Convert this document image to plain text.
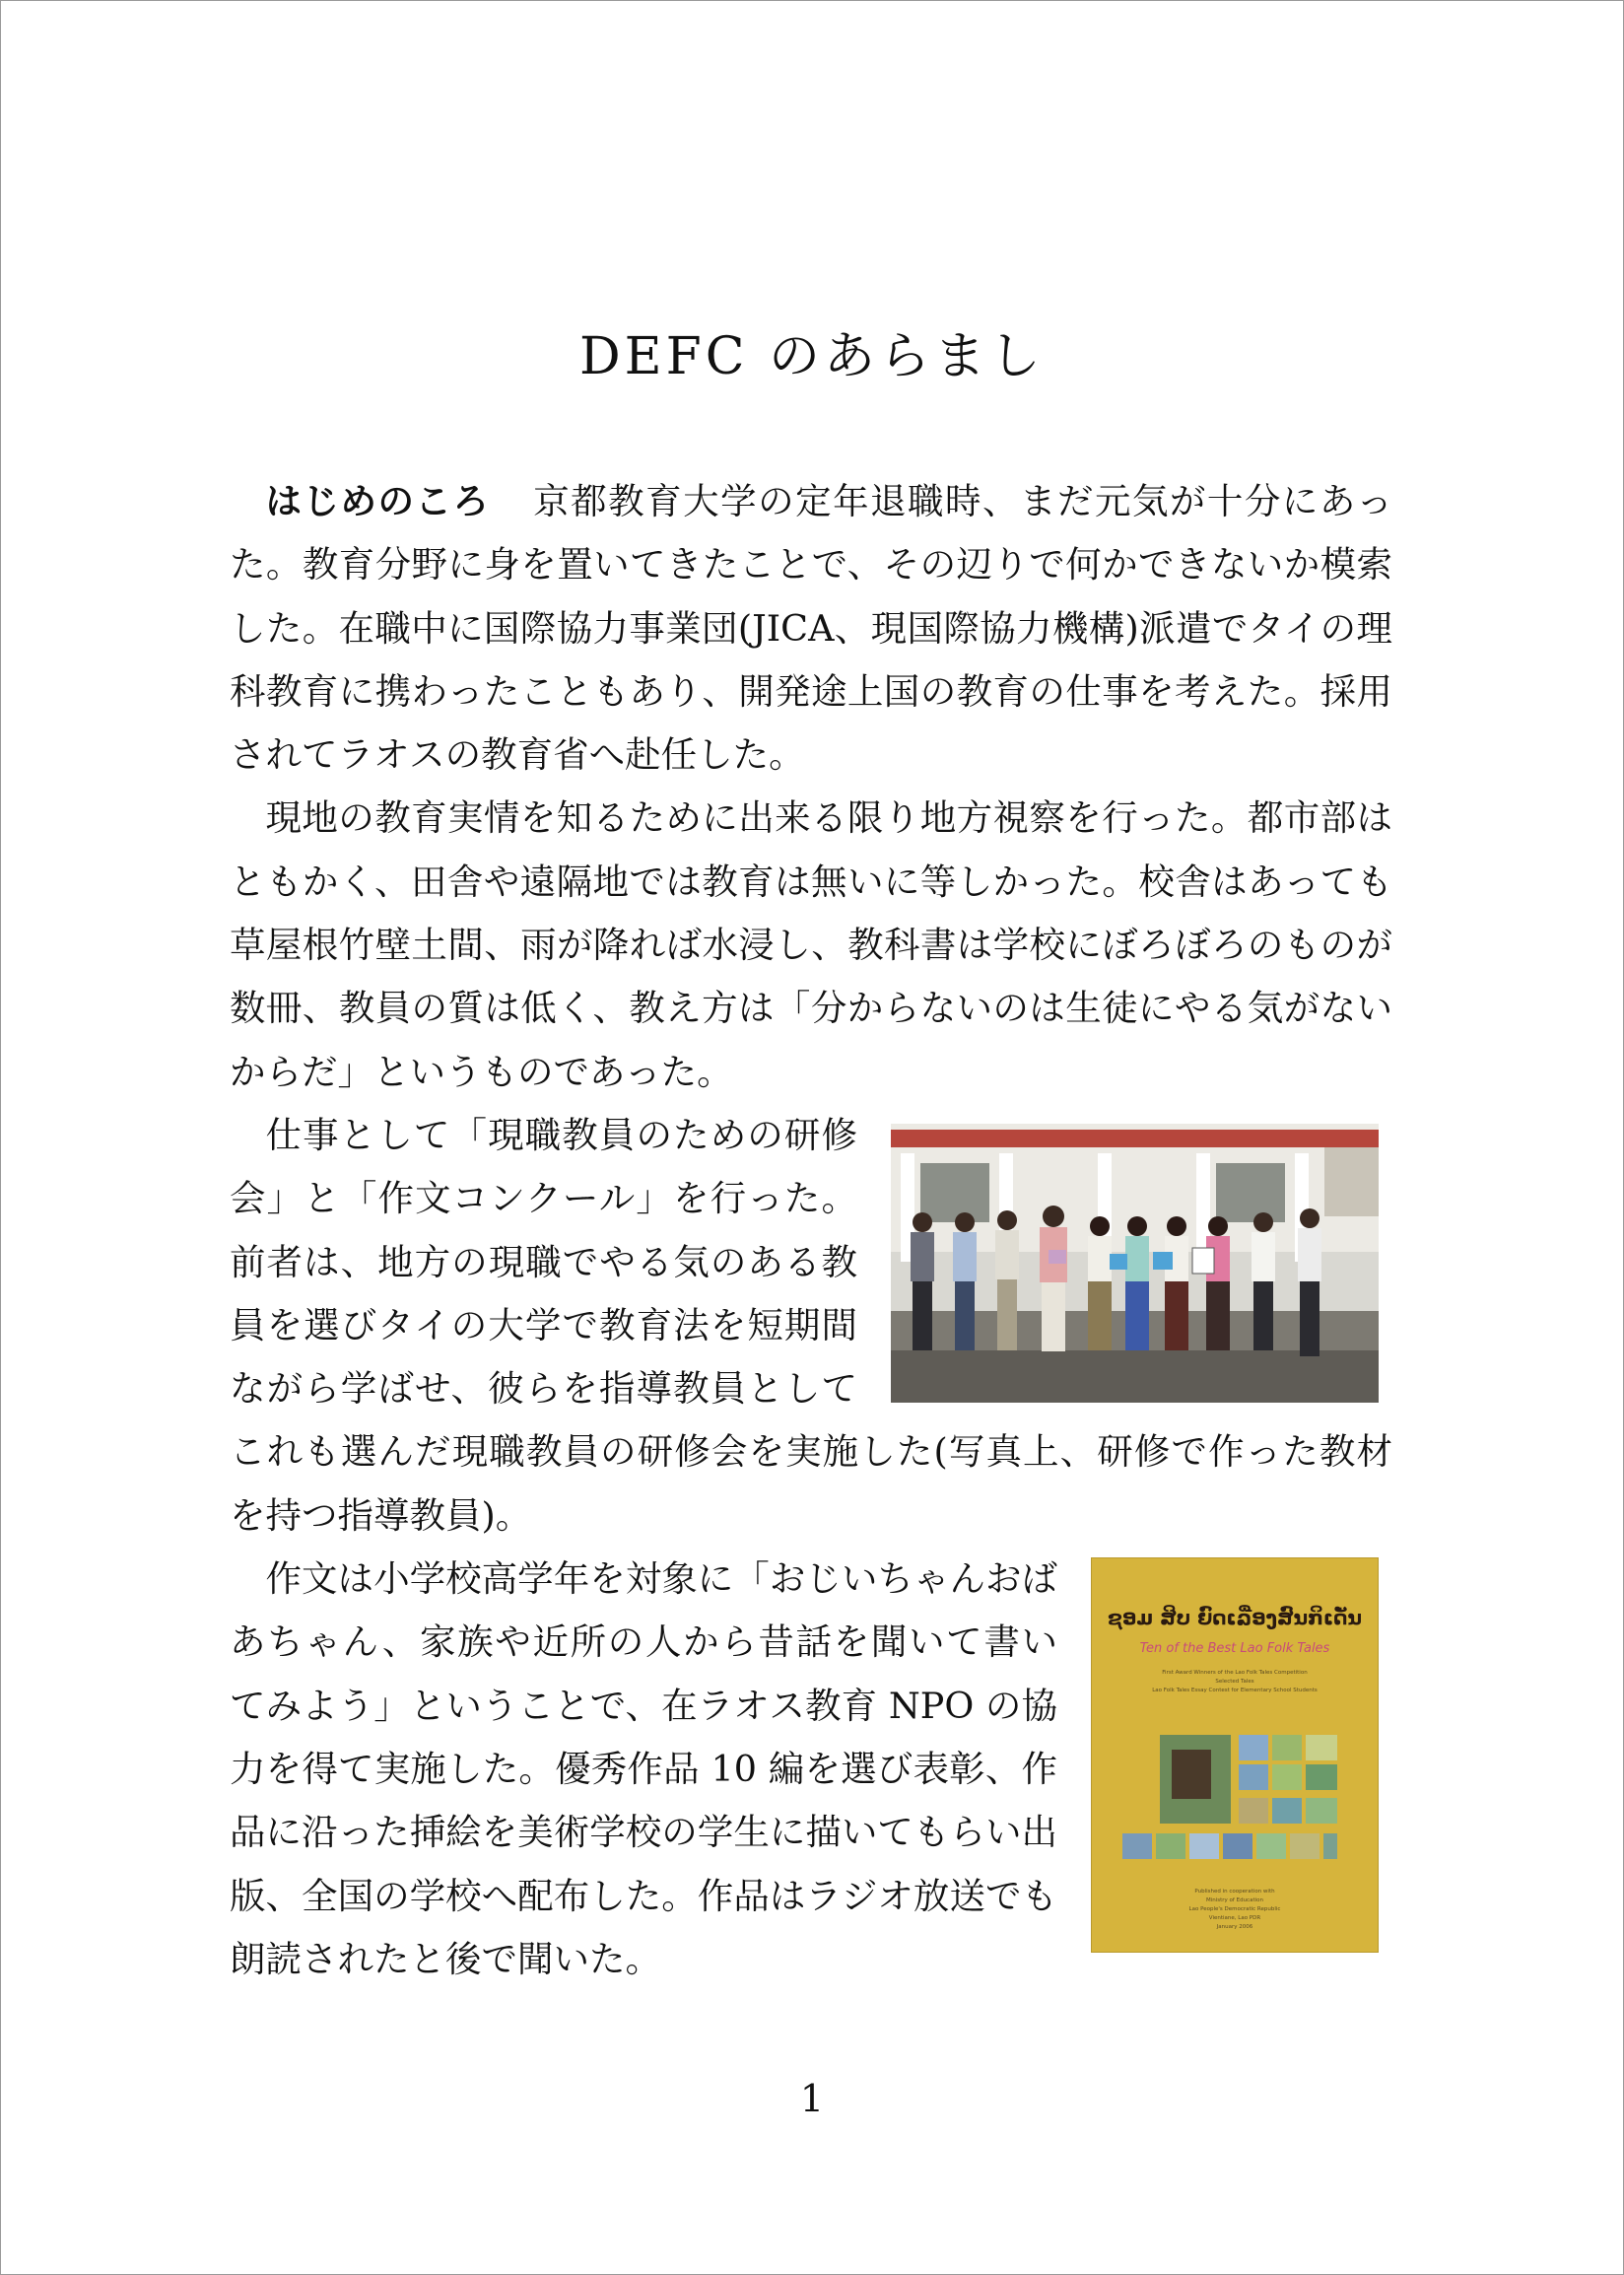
DEFC のあらまし

はじめのころ 京都教育大学の定年退職時、まだ元気が十分にあった。教育分野に身を置いてきたことで、その辺りで何かできないか模索した。在職中に国際協力事業団(JICA、現国際協力機構)派遣でタイの理科教育に携わったこともあり、開発途上国の教育の仕事を考えた。採用されてラオスの教育省へ赴任した。

現地の教育実情を知るために出来る限り地方視察を行った。都市部はともかく、田舎や遠隔地では教育は無いに等しかった。校舎はあっても草屋根竹壁土間、雨が降れば水浸し、教科書は学校にぼろぼろのものが数冊、教員の質は低く、教え方は「分からないのは生徒にやる気がないからだ」というものであった。

仕事として「現職教員のための研修会」と「作文コンクール」を行った。前者は、地方の現職でやる気のある教員を選びタイの大学で教育法を短期間ながら学ばせ、彼らを指導教員としてこれも選んだ現職教員の研修会を実施した(写真上、研修で作った教材を持つ指導教員)。

ຊອມ ສິບ ຍົດເລື່ອງສົນກິເດັ່ນ
Ten of the Best Lao Folk Tales
First Award Winners of the Lao Folk Tales Competition
Selected Tales
Lao Folk Tales Essay Contest for Elementary School Students
Published in cooperation with
Ministry of Education
Lao People's Democratic Republic
Vientiane, Lao PDR
January 2006

作文は小学校高学年を対象に「おじいちゃんおばあちゃん、家族や近所の人から昔話を聞いて書いてみよう」ということで、在ラオス教育 NPO の協力を得て実施した。優秀作品 10 編を選び表彰、作品に沿った挿絵を美術学校の学生に描いてもらい出版、全国の学校へ配布した。作品はラジオ放送でも朗読されたと後で聞いた。

1
